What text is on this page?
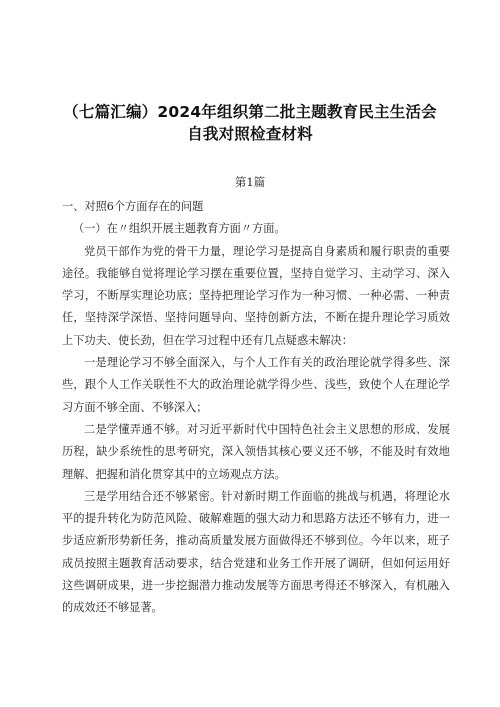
（七篇汇编）2024年组织第二批主题教育民主生活会
自我对照检查材料
第1篇

一、对照6个方面存在的问题

（一）在〃组织开展主题教育方面〃方面。

党员干部作为党的骨干力量，理论学习是提高自身素质和履行职责的重要途径。我能够自觉将理论学习摆在重要位置，坚持自觉学习、主动学习、深入学习，不断厚实理论功底；坚持把理论学习作为一种习惯、一种必需、一种责任，坚持深学深悟、坚持问题导向、坚持创新方法，不断在提升理论学习质效上下功夫、使长劲，但在学习过程中还有几点疑惑未解决：

一是理论学习不够全面深入，与个人工作有关的政治理论就学得多些、深些，跟个人工作关联性不大的政治理论就学得少些、浅些，致使个人在理论学习方面不够全面、不够深入；

二是学懂弄通不够。对习近平新时代中国特色社会主义思想的形成、发展历程，缺少系统性的思考研究，深入领悟其核心要义还不够，不能及时有效地理解、把握和消化贯穿其中的立场观点方法。

三是学用结合还不够紧密。针对新时期工作面临的挑战与机遇，将理论水平的提升转化为防范风险、破解难题的强大动力和思路方法还不够有力，进一步适应新形势新任务，推动高质量发展方面做得还不够到位。今年以来，班子成员按照主题教育活动要求，结合党建和业务工作开展了调研，但如何运用好这些调研成果，进一步挖掘潜力推动发展等方面思考得还不够深入，有机融入的成效还不够显著。
